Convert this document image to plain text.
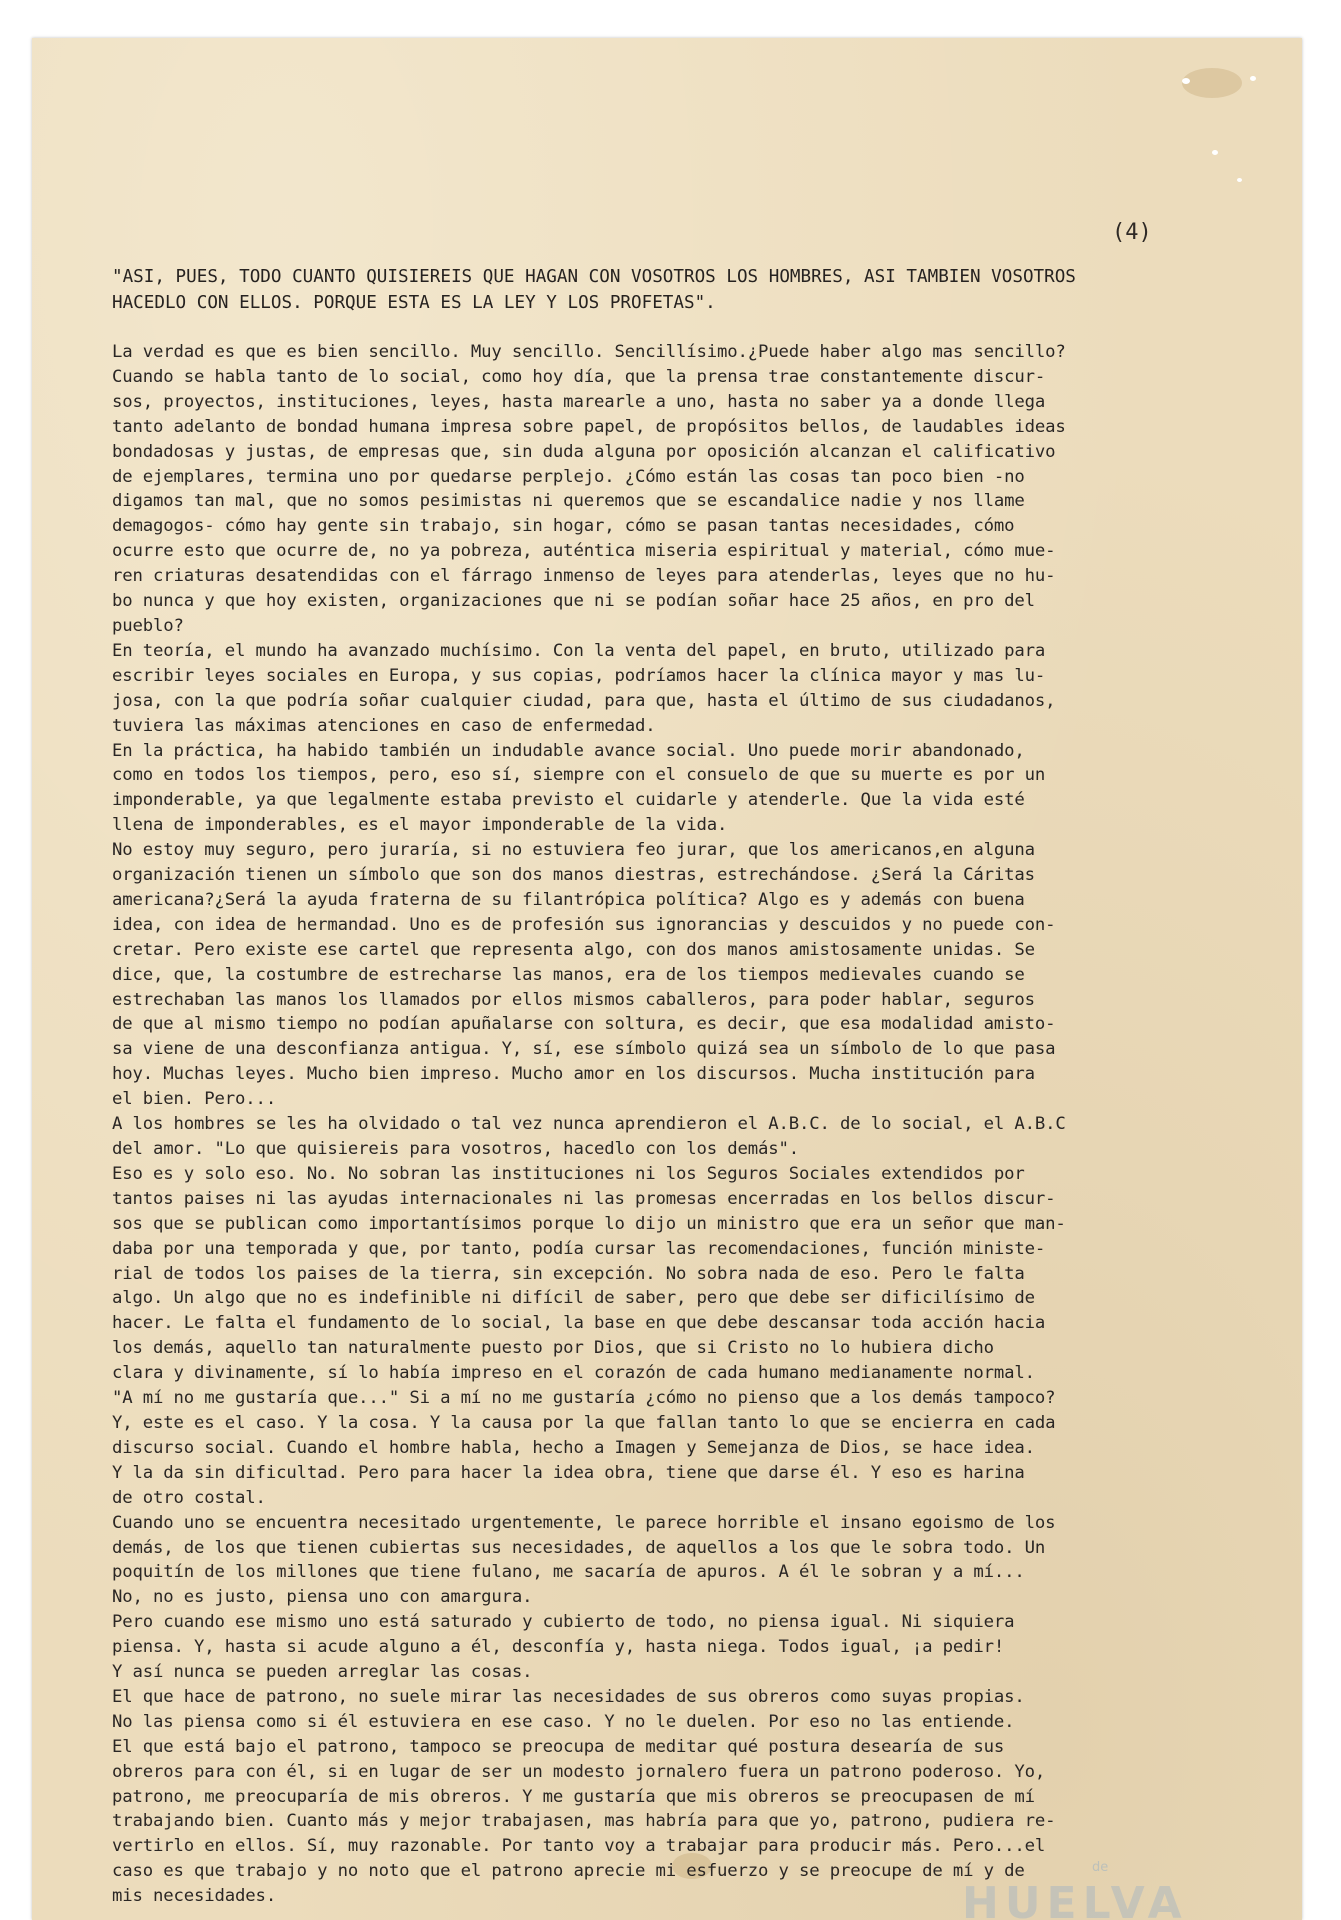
(4)
"ASI, PUES, TODO CUANTO QUISIEREIS QUE HAGAN CON VOSOTROS LOS HOMBRES, ASI TAMBIEN VOSOTROS
HACEDLO CON ELLOS. PORQUE ESTA ES LA LEY Y LOS PROFETAS".
La verdad es que es bien sencillo. Muy sencillo. Sencillísimo.¿Puede haber algo mas sencillo?
Cuando se habla tanto de lo social, como hoy día, que la prensa trae constantemente discur-
sos, proyectos, instituciones, leyes, hasta marearle a uno, hasta no saber ya a donde llega
tanto adelanto de bondad humana impresa sobre papel, de propósitos bellos, de laudables ideas
bondadosas y justas, de empresas que, sin duda alguna por oposición alcanzan el calificativo
de ejemplares, termina uno por quedarse perplejo. ¿Cómo están las cosas tan poco bien -no
digamos tan mal, que no somos pesimistas ni queremos que se escandalice nadie y nos llame
demagogos- cómo hay gente sin trabajo, sin hogar, cómo se pasan tantas necesidades, cómo
ocurre esto que ocurre de, no ya pobreza, auténtica miseria espiritual y material, cómo mue-
ren criaturas desatendidas con el fárrago inmenso de leyes para atenderlas, leyes que no hu-
bo nunca y que hoy existen, organizaciones que ni se podían soñar hace 25 años, en pro del
pueblo?
En teoría, el mundo ha avanzado muchísimo. Con la venta del papel, en bruto, utilizado para
escribir leyes sociales en Europa, y sus copias, podríamos hacer la clínica mayor y mas lu-
josa, con la que podría soñar cualquier ciudad, para que, hasta el último de sus ciudadanos,
tuviera las máximas atenciones en caso de enfermedad.
En la práctica, ha habido también un indudable avance social. Uno puede morir abandonado,
como en todos los tiempos, pero, eso sí, siempre con el consuelo de que su muerte es por un
imponderable, ya que legalmente estaba previsto el cuidarle y atenderle. Que la vida esté
llena de imponderables, es el mayor imponderable de la vida.
No estoy muy seguro, pero juraría, si no estuviera feo jurar, que los americanos,en alguna
organización tienen un símbolo que son dos manos diestras, estrechándose. ¿Será la Cáritas
americana?¿Será la ayuda fraterna de su filantrópica política? Algo es y además con buena
idea, con idea de hermandad. Uno es de profesión sus ignorancias y descuidos y no puede con-
cretar. Pero existe ese cartel que representa algo, con dos manos amistosamente unidas. Se
dice, que, la costumbre de estrecharse las manos, era de los tiempos medievales cuando se
estrechaban las manos los llamados por ellos mismos caballeros, para poder hablar, seguros
de que al mismo tiempo no podían apuñalarse con soltura, es decir, que esa modalidad amisto-
sa viene de una desconfianza antigua. Y, sí, ese símbolo quizá sea un símbolo de lo que pasa
hoy. Muchas leyes. Mucho bien impreso. Mucho amor en los discursos. Mucha institución para
el bien. Pero...
A los hombres se les ha olvidado o tal vez nunca aprendieron el A.B.C. de lo social, el A.B.C
del amor. "Lo que quisiereis para vosotros, hacedlo con los demás".
Eso es y solo eso. No. No sobran las instituciones ni los Seguros Sociales extendidos por
tantos paises ni las ayudas internacionales ni las promesas encerradas en los bellos discur-
sos que se publican como importantísimos porque lo dijo un ministro que era un señor que man-
daba por una temporada y que, por tanto, podía cursar las recomendaciones, función ministe-
rial de todos los paises de la tierra, sin excepción. No sobra nada de eso. Pero le falta
algo. Un algo que no es indefinible ni difícil de saber, pero que debe ser dificilísimo de
hacer. Le falta el fundamento de lo social, la base en que debe descansar toda acción hacia
los demás, aquello tan naturalmente puesto por Dios, que si Cristo no lo hubiera dicho
clara y divinamente, sí lo había impreso en el corazón de cada humano medianamente normal.
"A mí no me gustaría que..." Si a mí no me gustaría ¿cómo no pienso que a los demás tampoco?
Y, este es el caso. Y la cosa. Y la causa por la que fallan tanto lo que se encierra en cada
discurso social. Cuando el hombre habla, hecho a Imagen y Semejanza de Dios, se hace idea.
Y la da sin dificultad. Pero para hacer la idea obra, tiene que darse él. Y eso es harina
de otro costal.
Cuando uno se encuentra necesitado urgentemente, le parece horrible el insano egoismo de los
demás, de los que tienen cubiertas sus necesidades, de aquellos a los que le sobra todo. Un
poquitín de los millones que tiene fulano, me sacaría de apuros. A él le sobran y a mí...
No, no es justo, piensa uno con amargura.
Pero cuando ese mismo uno está saturado y cubierto de todo, no piensa igual. Ni siquiera
piensa. Y, hasta si acude alguno a él, desconfía y, hasta niega. Todos igual, ¡a pedir!
Y así nunca se pueden arreglar las cosas.
El que hace de patrono, no suele mirar las necesidades de sus obreros como suyas propias.
No las piensa como si él estuviera en ese caso. Y no le duelen. Por eso no las entiende.
El que está bajo el patrono, tampoco se preocupa de meditar qué postura desearía de sus
obreros para con él, si en lugar de ser un modesto jornalero fuera un patrono poderoso. Yo,
patrono, me preocuparía de mis obreros. Y me gustaría que mis obreros se preocupasen de mí
trabajando bien. Cuanto más y mejor trabajasen, mas habría para que yo, patrono, pudiera re-
vertirlo en ellos. Sí, muy razonable. Por tanto voy a trabajar para producir más. Pero...el
caso es que trabajo y no noto que el patrono aprecie mi esfuerzo y se preocupe de mí y de
mis necesidades.
de
HUELVA
